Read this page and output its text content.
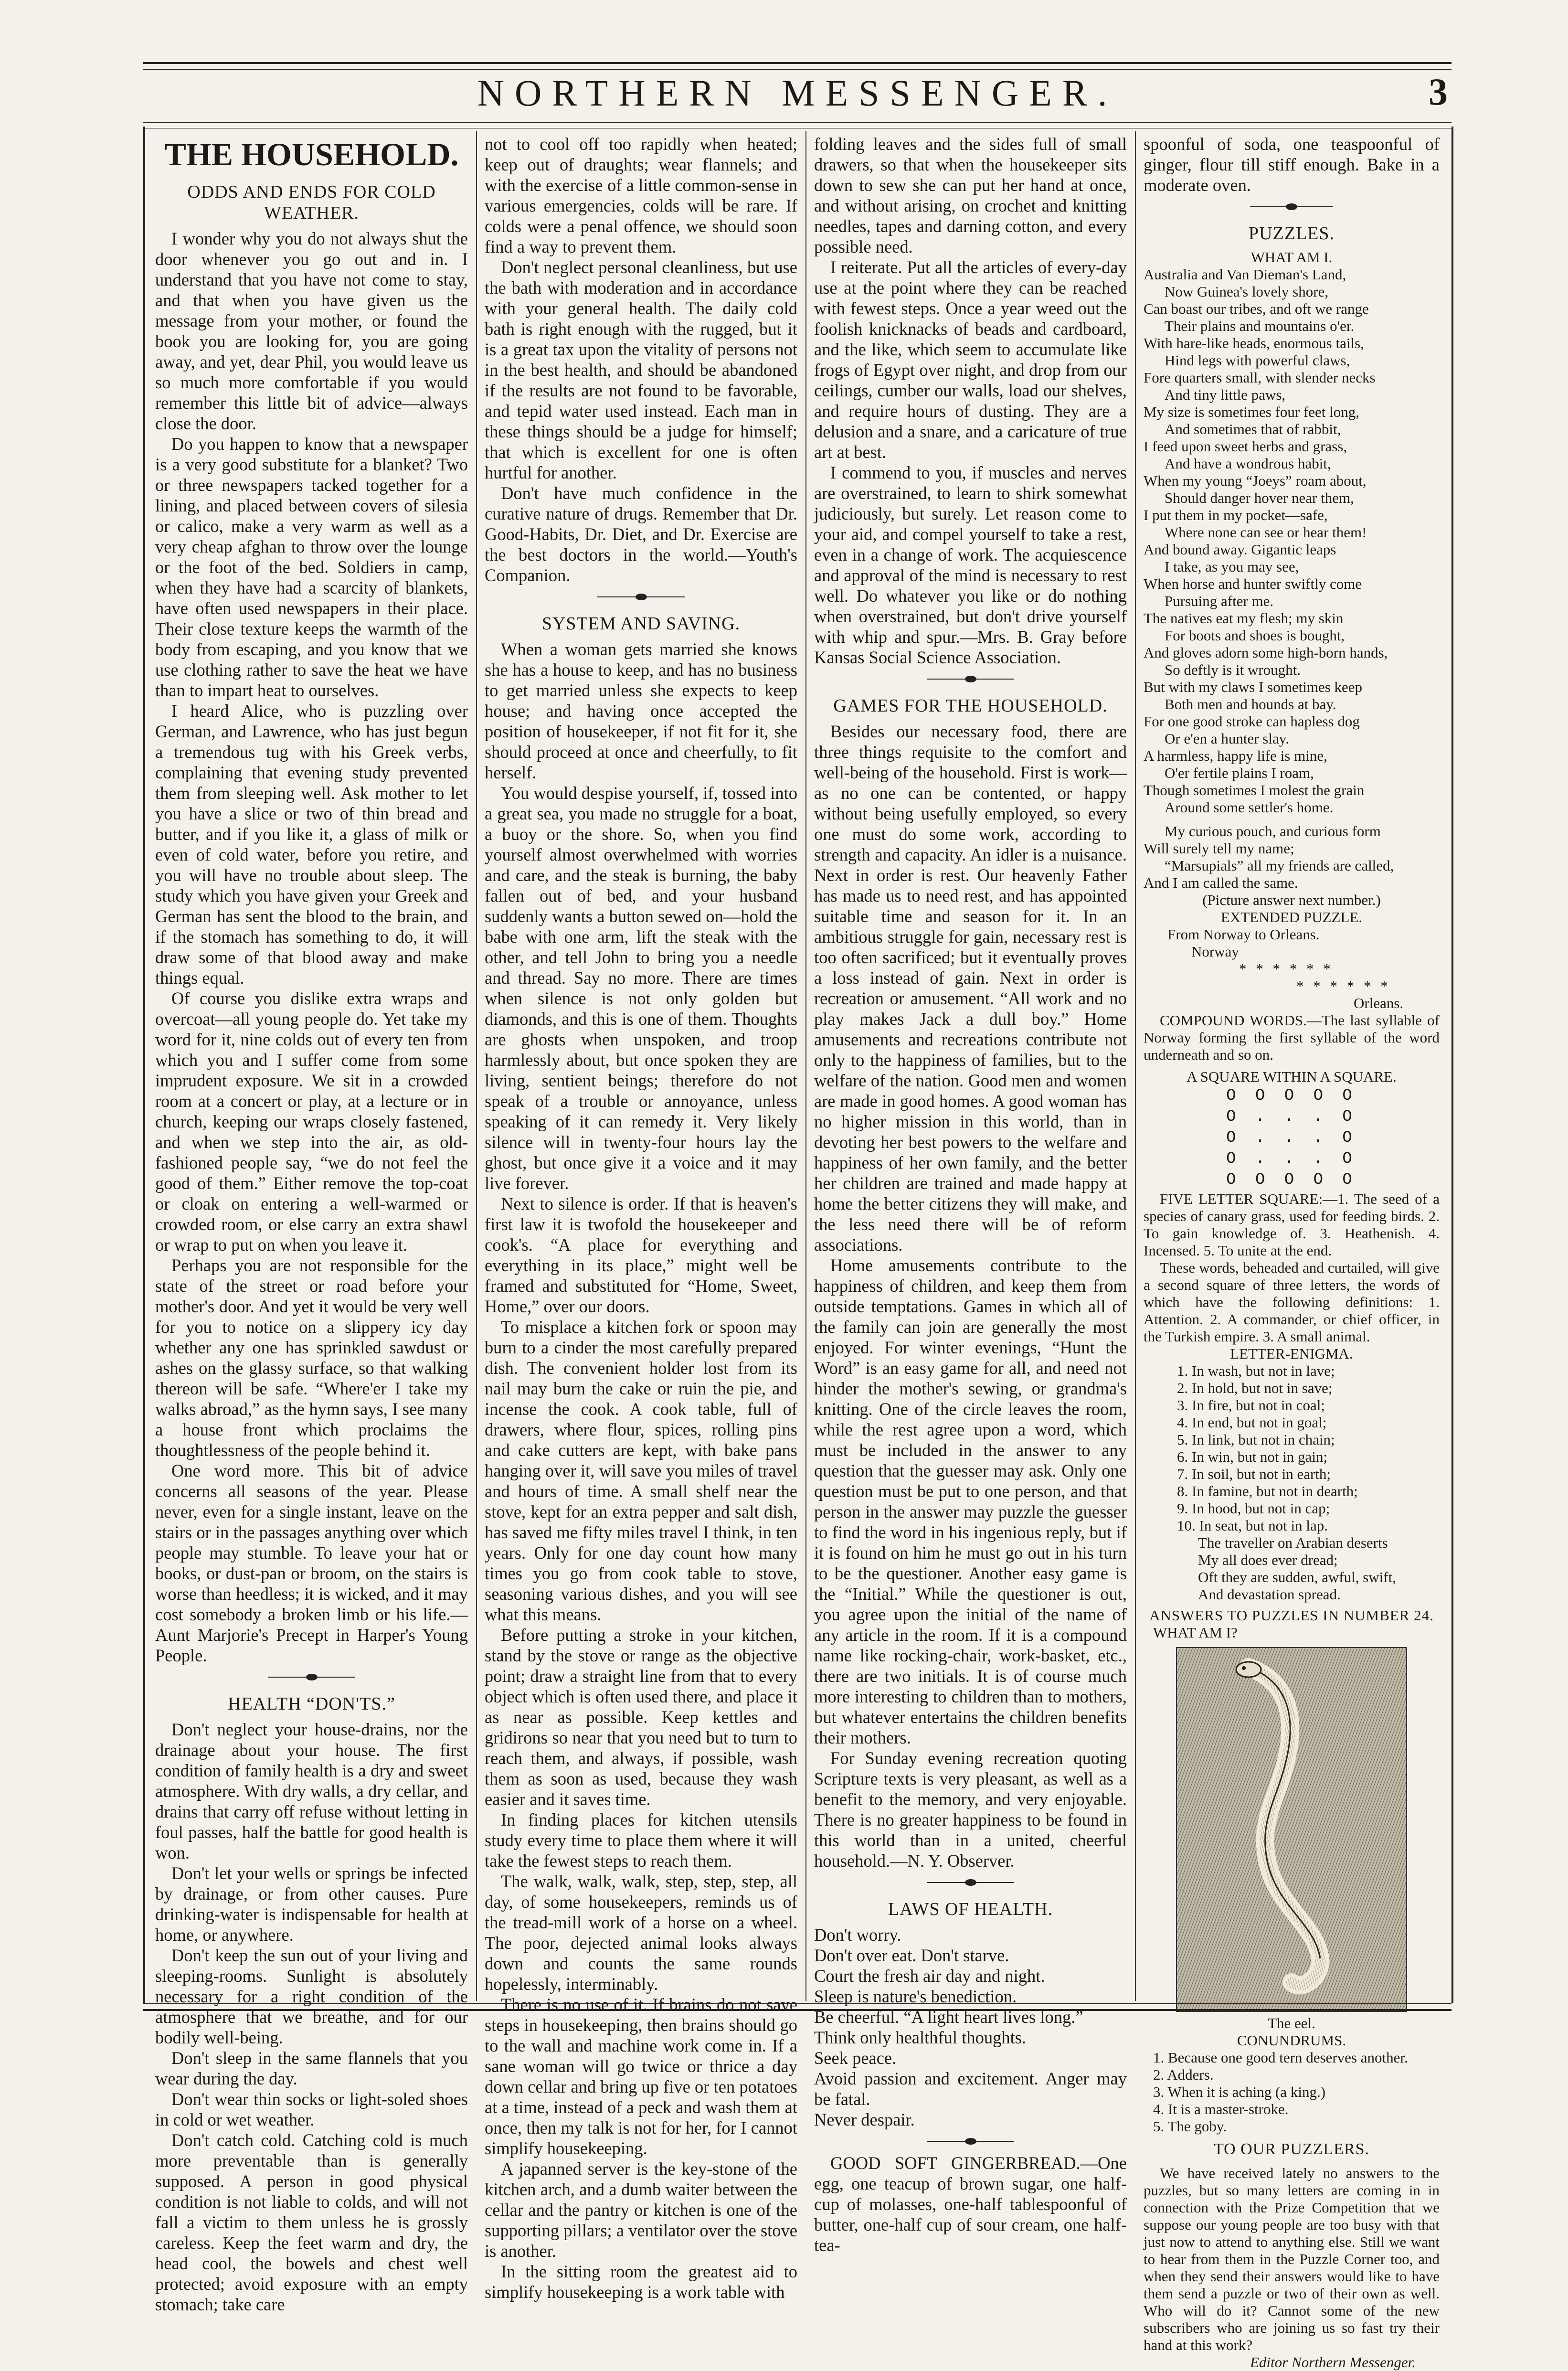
NORTHERN MESSENGER.	3
THE HOUSEHOLD.
ODDS AND ENDS FOR COLD WEATHER.

I wonder why you do not always shut the door whenever you go out and in. I understand that you have not come to stay, and that when you have given us the message from your mother, or found the book you are looking for, you are going away, and yet, dear Phil, you would leave us so much more comfortable if you would remember this little bit of advice—always close the door.

Do you happen to know that a newspaper is a very good substitute for a blanket? Two or three newspapers tacked together for a lining, and placed between covers of silesia or calico, make a very warm as well as a very cheap afghan to throw over the lounge or the foot of the bed. Soldiers in camp, when they have had a scarcity of blankets, have often used newspapers in their place. Their close texture keeps the warmth of the body from escaping, and you know that we use clothing rather to save the heat we have than to impart heat to ourselves.

I heard Alice, who is puzzling over German, and Lawrence, who has just begun a tremendous tug with his Greek verbs, complaining that evening study prevented them from sleeping well. Ask mother to let you have a slice or two of thin bread and butter, and if you like it, a glass of milk or even of cold water, before you retire, and you will have no trouble about sleep. The study which you have given your Greek and German has sent the blood to the brain, and if the stomach has something to do, it will draw some of that blood away and make things equal.

Of course you dislike extra wraps and overcoat—all young people do. Yet take my word for it, nine colds out of every ten from which you and I suffer come from some imprudent exposure. We sit in a crowded room at a concert or play, at a lecture or in church, keeping our wraps closely fastened, and when we step into the air, as old-fashioned people say, “we do not feel the good of them.” Either remove the top-coat or cloak on entering a well-warmed or crowded room, or else carry an extra shawl or wrap to put on when you leave it.

Perhaps you are not responsible for the state of the street or road before your mother's door. And yet it would be very well for you to notice on a slippery icy day whether any one has sprinkled sawdust or ashes on the glassy surface, so that walking thereon will be safe. “Where'er I take my walks abroad,” as the hymn says, I see many a house front which proclaims the thoughtlessness of the people behind it.

One word more. This bit of advice concerns all seasons of the year. Please never, even for a single instant, leave on the stairs or in the passages anything over which people may stumble. To leave your hat or books, or dust-pan or broom, on the stairs is worse than heedless; it is wicked, and it may cost somebody a broken limb or his life.—Aunt Marjorie's Precept in Harper's Young People.

HEALTH “DON'TS.”

Don't neglect your house-drains, nor the drainage about your house. The first condition of family health is a dry and sweet atmosphere. With dry walls, a dry cellar, and drains that carry off refuse without letting in foul passes, half the battle for good health is won.

Don't let your wells or springs be infected by drainage, or from other causes. Pure drinking-water is indispensable for health at home, or anywhere.

Don't keep the sun out of your living and sleeping-rooms. Sunlight is absolutely necessary for a right condition of the atmosphere that we breathe, and for our bodily well-being.

Don't sleep in the same flannels that you wear during the day.

Don't wear thin socks or light-soled shoes in cold or wet weather.

Don't catch cold. Catching cold is much more preventable than is generally supposed. A person in good physical condition is not liable to colds, and will not fall a victim to them unless he is grossly careless. Keep the feet warm and dry, the head cool, the bowels and chest well protected; avoid exposure with an empty stomach; take care

not to cool off too rapidly when heated; keep out of draughts; wear flannels; and with the exercise of a little common-sense in various emergencies, colds will be rare. If colds were a penal offence, we should soon find a way to prevent them.

Don't neglect personal cleanliness, but use the bath with moderation and in accordance with your general health. The daily cold bath is right enough with the rugged, but it is a great tax upon the vitality of persons not in the best health, and should be abandoned if the results are not found to be favorable, and tepid water used instead. Each man in these things should be a judge for himself; that which is excellent for one is often hurtful for another.

Don't have much confidence in the curative nature of drugs. Remember that Dr. Good-Habits, Dr. Diet, and Dr. Exercise are the best doctors in the world.—Youth's Companion.

SYSTEM AND SAVING.

When a woman gets married she knows she has a house to keep, and has no business to get married unless she expects to keep house; and having once accepted the position of housekeeper, if not fit for it, she should proceed at once and cheerfully, to fit herself.

You would despise yourself, if, tossed into a great sea, you made no struggle for a boat, a buoy or the shore. So, when you find yourself almost overwhelmed with worries and care, and the steak is burning, the baby fallen out of bed, and your husband suddenly wants a button sewed on—hold the babe with one arm, lift the steak with the other, and tell John to bring you a needle and thread. Say no more. There are times when silence is not only golden but diamonds, and this is one of them. Thoughts are ghosts when unspoken, and troop harmlessly about, but once spoken they are living, sentient beings; therefore do not speak of a trouble or annoyance, unless speaking of it can remedy it. Very likely silence will in twenty-four hours lay the ghost, but once give it a voice and it may live forever.

Next to silence is order. If that is heaven's first law it is twofold the housekeeper and cook's. “A place for everything and everything in its place,” might well be framed and substituted for “Home, Sweet, Home,” over our doors.

To misplace a kitchen fork or spoon may burn to a cinder the most carefully prepared dish. The convenient holder lost from its nail may burn the cake or ruin the pie, and incense the cook. A cook table, full of drawers, where flour, spices, rolling pins and cake cutters are kept, with bake pans hanging over it, will save you miles of travel and hours of time. A small shelf near the stove, kept for an extra pepper and salt dish, has saved me fifty miles travel I think, in ten years. Only for one day count how many times you go from cook table to stove, seasoning various dishes, and you will see what this means.

Before putting a stroke in your kitchen, stand by the stove or range as the objective point; draw a straight line from that to every object which is often used there, and place it as near as possible. Keep kettles and gridirons so near that you need but to turn to reach them, and always, if possible, wash them as soon as used, because they wash easier and it saves time.

In finding places for kitchen utensils study every time to place them where it will take the fewest steps to reach them.

The walk, walk, walk, step, step, step, all day, of some housekeepers, reminds us of the tread-mill work of a horse on a wheel. The poor, dejected animal looks always down and counts the same rounds hopelessly, interminably.

There is no use of it. If brains do not save steps in housekeeping, then brains should go to the wall and machine work come in. If a sane woman will go twice or thrice a day down cellar and bring up five or ten potatoes at a time, instead of a peck and wash them at once, then my talk is not for her, for I cannot simplify housekeeping.

A japanned server is the key-stone of the kitchen arch, and a dumb waiter between the cellar and the pantry or kitchen is one of the supporting pillars; a ventilator over the stove is another.

In the sitting room the greatest aid to simplify housekeeping is a work table with

folding leaves and the sides full of small drawers, so that when the housekeeper sits down to sew she can put her hand at once, and without arising, on crochet and knitting needles, tapes and darning cotton, and every possible need.

I reiterate. Put all the articles of every-day use at the point where they can be reached with fewest steps. Once a year weed out the foolish knicknacks of beads and cardboard, and the like, which seem to accumulate like frogs of Egypt over night, and drop from our ceilings, cumber our walls, load our shelves, and require hours of dusting. They are a delusion and a snare, and a caricature of true art at best.

I commend to you, if muscles and nerves are overstrained, to learn to shirk somewhat judiciously, but surely. Let reason come to your aid, and compel yourself to take a rest, even in a change of work. The acquiescence and approval of the mind is necessary to rest well. Do whatever you like or do nothing when overstrained, but don't drive yourself with whip and spur.—Mrs. B. Gray before Kansas Social Science Association.

GAMES FOR THE HOUSEHOLD.

Besides our necessary food, there are three things requisite to the comfort and well-being of the household. First is work—as no one can be contented, or happy without being usefully employed, so every one must do some work, according to strength and capacity. An idler is a nuisance. Next in order is rest. Our heavenly Father has made us to need rest, and has appointed suitable time and season for it. In an ambitious struggle for gain, necessary rest is too often sacrificed; but it eventually proves a loss instead of gain. Next in order is recreation or amusement. “All work and no play makes Jack a dull boy.” Home amusements and recreations contribute not only to the happiness of families, but to the welfare of the nation. Good men and women are made in good homes. A good woman has no higher mission in this world, than in devoting her best powers to the welfare and happiness of her own family, and the better her children are trained and made happy at home the better citizens they will make, and the less need there will be of reform associations.

Home amusements contribute to the happiness of children, and keep them from outside temptations. Games in which all of the family can join are generally the most enjoyed. For winter evenings, “Hunt the Word” is an easy game for all, and need not hinder the mother's sewing, or grandma's knitting. One of the circle leaves the room, while the rest agree upon a word, which must be included in the answer to any question that the guesser may ask. Only one question must be put to one person, and that person in the answer may puzzle the guesser to find the word in his ingenious reply, but if it is found on him he must go out in his turn to be the questioner. Another easy game is the “Initial.” While the questioner is out, you agree upon the initial of the name of any article in the room. If it is a compound name like rocking-chair, work-basket, etc., there are two initials. It is of course much more interesting to children than to mothers, but whatever entertains the children benefits their mothers.

For Sunday evening recreation quoting Scripture texts is very pleasant, as well as a benefit to the memory, and very enjoyable. There is no greater happiness to be found in this world than in a united, cheerful household.—N. Y. Observer.

LAWS OF HEALTH.

Don't worry.

Don't over eat. Don't starve.

Court the fresh air day and night.

Sleep is nature's benediction.

Be cheerful. “A light heart lives long.”

Think only healthful thoughts.

Seek peace.

Avoid passion and excitement. Anger may be fatal.

Never despair.

GOOD SOFT GINGERBREAD.—One egg, one teacup of brown sugar, one half-cup of molasses, one-half tablespoonful of butter, one-half cup of sour cream, one half-tea-

spoonful of soda, one teaspoonful of ginger, flour till stiff enough. Bake in a moderate oven.

PUZZLES.
WHAT AM I.

Australia and Van Dieman's Land,

Now Guinea's lovely shore,

Can boast our tribes, and oft we range

Their plains and mountains o'er.

With hare-like heads, enormous tails,

Hind legs with powerful claws,

Fore quarters small, with slender necks

And tiny little paws,

My size is sometimes four feet long,

And sometimes that of rabbit,

I feed upon sweet herbs and grass,

And have a wondrous habit,

When my young “Joeys” roam about,

Should danger hover near them,

I put them in my pocket—safe,

Where none can see or hear them!

And bound away. Gigantic leaps

I take, as you may see,

When horse and hunter swiftly come

Pursuing after me.

The natives eat my flesh; my skin

For boots and shoes is bought,

And gloves adorn some high-born hands,

So deftly is it wrought.

But with my claws I sometimes keep

Both men and hounds at bay.

For one good stroke can hapless dog

Or e'en a hunter slay.

A harmless, happy life is mine,

O'er fertile plains I roam,

Though sometimes I molest the grain

Around some settler's home.

My curious pouch, and curious form

Will surely tell my name;

“Marsupials” all my friends are called,

And I am called the same.

(Picture answer next number.)
EXTENDED PUZZLE.
From Norway to Orleans.
Norway
* * * * * *
* * * * * *
Orleans.

COMPOUND WORDS.—The last syllable of Norway forming the first syllable of the word underneath and so on.

A SQUARE WITHIN A SQUARE.
O O O O O
O . . . O
O . . . O
O . . . O
O O O O O

FIVE LETTER SQUARE:—1. The seed of a species of canary grass, used for feeding birds. 2. To gain knowledge of. 3. Heathenish. 4. Incensed. 5. To unite at the end.

These words, beheaded and curtailed, will give a second square of three letters, the words of which have the following definitions: 1. Attention. 2. A commander, or chief officer, in the Turkish empire. 3. A small animal.

LETTER-ENIGMA.

1. In wash, but not in lave;

2. In hold, but not in save;

3. In fire, but not in coal;

4. In end, but not in goal;

5. In link, but not in chain;

6. In win, but not in gain;

7. In soil, but not in earth;

8. In famine, but not in dearth;

9. In hood, but not in cap;

10. In seat, but not in lap.

The traveller on Arabian deserts

My all does ever dread;

Oft they are sudden, awful, swift,

And devastation spread.

ANSWERS TO PUZZLES IN NUMBER 24.
WHAT AM I?
The eel.
CONUNDRUMS.
1. Because one good tern deserves another.
2. Adders.
3. When it is aching (a king.)
4. It is a master-stroke.
5. The goby.
TO OUR PUZZLERS.

We have received lately no answers to the puzzles, but so many letters are coming in in connection with the Prize Competition that we suppose our young people are too busy with that just now to attend to anything else. Still we want to hear from them in the Puzzle Corner too, and when they send their answers would like to have them send a puzzle or two of their own as well. Who will do it? Cannot some of the new subscribers who are joining us so fast try their hand at this work?

Editor Northern Messenger.
